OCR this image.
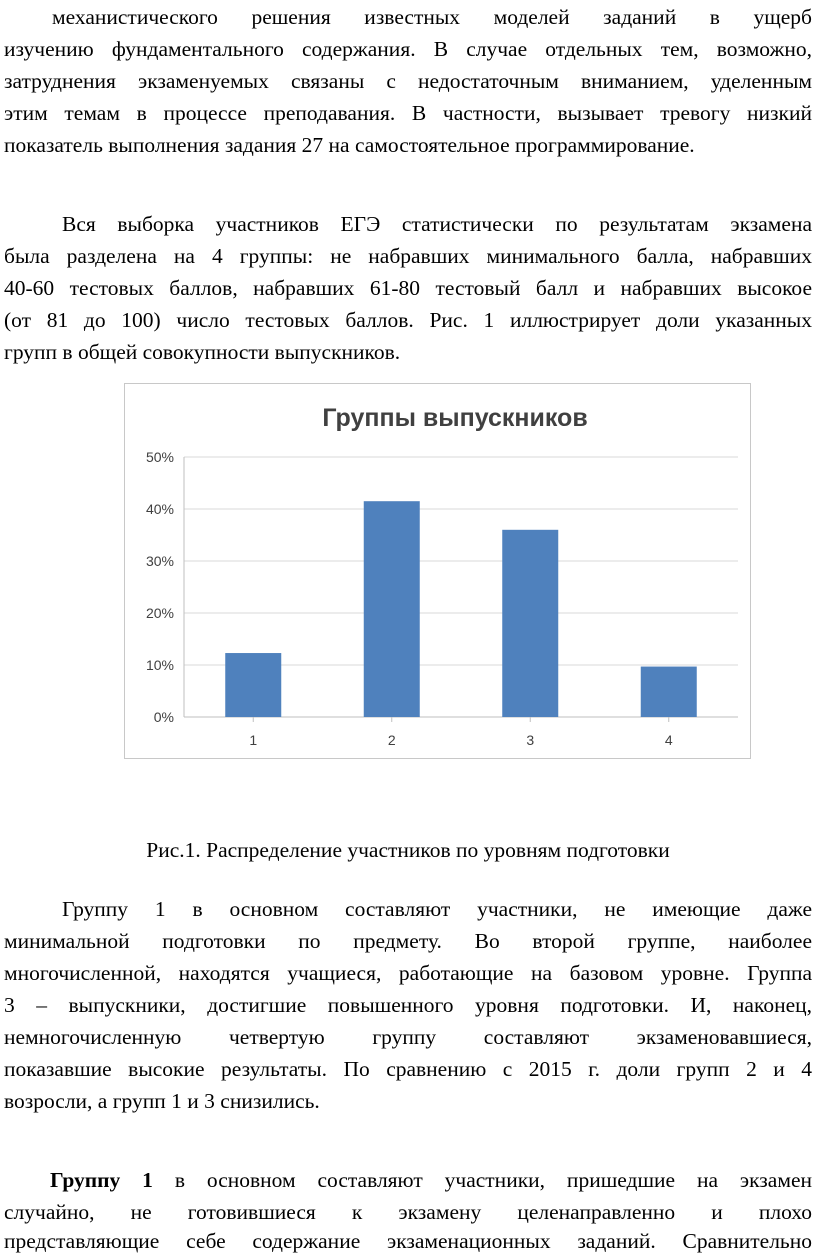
механистического решения известных моделей заданий в ущерб
изучению фундаментального содержания. В случае отдельных тем, возможно,
затруднения экзаменуемых связаны с недостаточным вниманием, уделенным
этим темам в процессе преподавания. В частности, вызывает тревогу низкий
показатель выполнения задания 27 на самостоятельное программирование.
Вся выборка участников ЕГЭ статистически по результатам экзамена
была разделена на 4 группы: не набравших минимального балла, набравших
40-60 тестовых баллов, набравших 61-80 тестовый балл и набравших высокое
(от 81 до 100) число тестовых баллов. Рис. 1 иллюстрирует доли указанных
групп в общей совокупности выпускников.
Группы выпускников
0%
10%
20%
30%
40%
50%
1	2	3	4
Рис.1. Распределение участников по уровням подготовки
Группу 1 в основном составляют участники, не имеющие даже
минимальной подготовки по предмету. Во второй группе, наиболее
многочисленной, находятся учащиеся, работающие на базовом уровне. Группа
3 – выпускники, достигшие повышенного уровня подготовки. И, наконец,
немногочисленную четвертую группу составляют экзаменовавшиеся,
показавшие высокие результаты. По сравнению с 2015 г. доли групп 2 и 4
возросли, а групп 1 и 3 снизились.
Группу 1 в основном составляют участники, пришедшие на экзамен
случайно, не готовившиеся к экзамену целенаправленно и плохо
представляющие себе содержание экзаменационных заданий. Сравнительно
